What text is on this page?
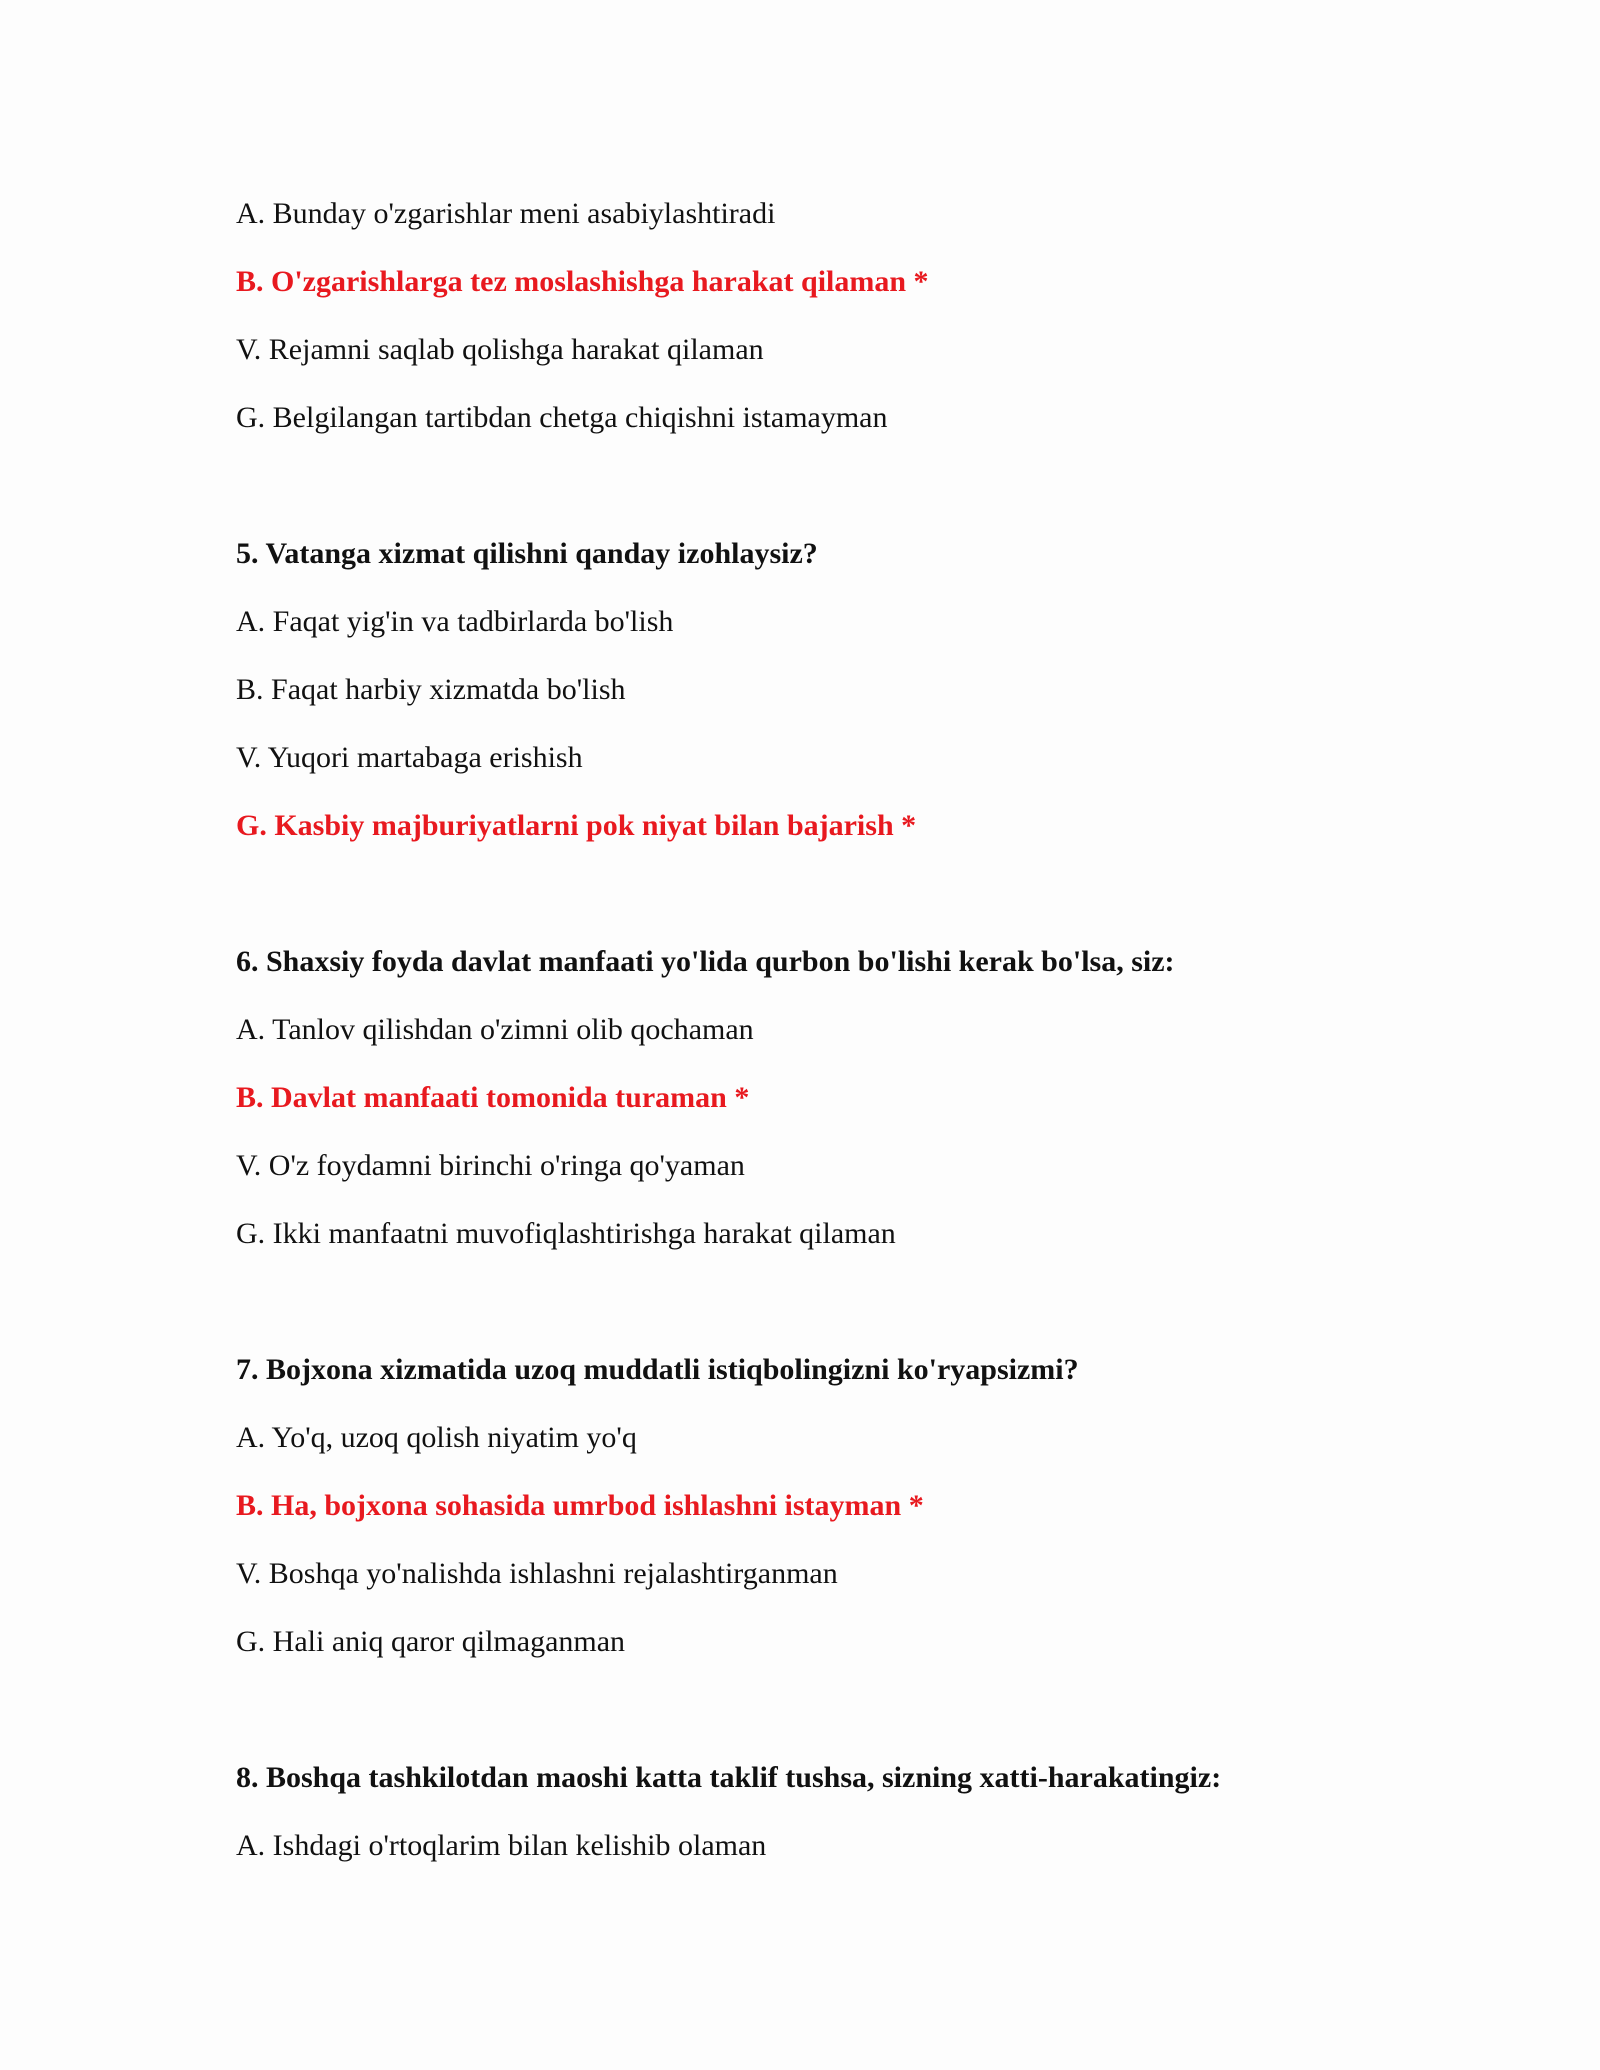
A. Bunday o'zgarishlar meni asabiylashtiradi
B. O'zgarishlarga tez moslashishga harakat qilaman *
V. Rejamni saqlab qolishga harakat qilaman
G. Belgilangan tartibdan chetga chiqishni istamayman
5. Vatanga xizmat qilishni qanday izohlaysiz?
A. Faqat yig'in va tadbirlarda bo'lish
B. Faqat harbiy xizmatda bo'lish
V. Yuqori martabaga erishish
G. Kasbiy majburiyatlarni pok niyat bilan bajarish *
6. Shaxsiy foyda davlat manfaati yo'lida qurbon bo'lishi kerak bo'lsa, siz:
A. Tanlov qilishdan o'zimni olib qochaman
B. Davlat manfaati tomonida turaman *
V. O'z foydamni birinchi o'ringa qo'yaman
G. Ikki manfaatni muvofiqlashtirishga harakat qilaman
7. Bojxona xizmatida uzoq muddatli istiqbolingizni ko'ryapsizmi?
A. Yo'q, uzoq qolish niyatim yo'q
B. Ha, bojxona sohasida umrbod ishlashni istayman *
V. Boshqa yo'nalishda ishlashni rejalashtirganman
G. Hali aniq qaror qilmaganman
8. Boshqa tashkilotdan maoshi katta taklif tushsa, sizning xatti-harakatingiz:
A. Ishdagi o'rtoqlarim bilan kelishib olaman
